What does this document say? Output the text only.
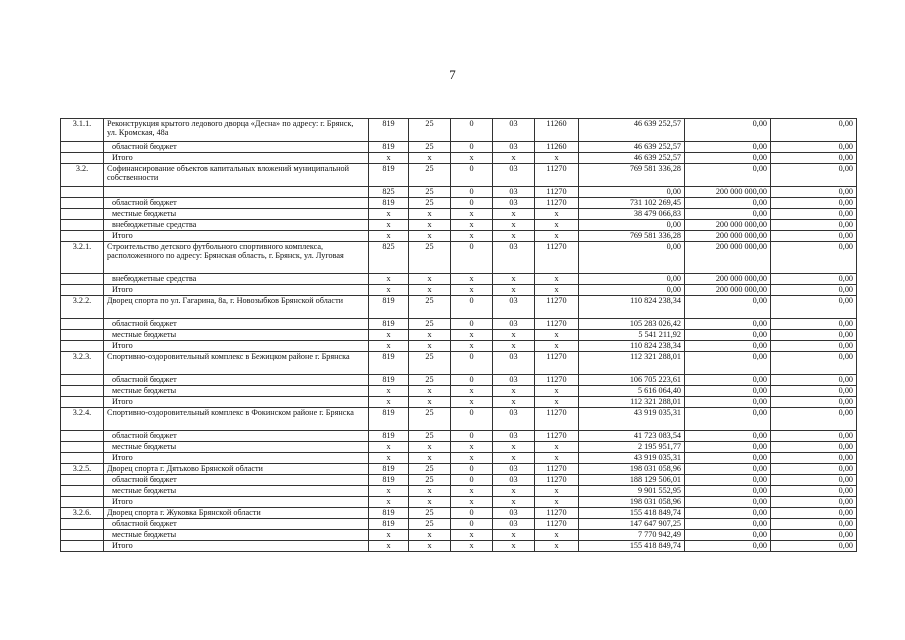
7
3.1.1.	Реконструкция крытого ледового дворца «Десна» по адресу: г. Брянск, ул. Кромская, 48а	819	25	0	03	11260	46 639 252,57	0,00	0,00
	областной бюджет	819	25	0	03	11260	46 639 252,57	0,00	0,00
	Итого	x	x	x	x	x	46 639 252,57	0,00	0,00
3.2.	Софинансирование объектов капитальных вложений муниципальной собственности	819	25	0	03	11270	769 581 336,28	0,00	0,00
		825	25	0	03	11270	0,00	200 000 000,00	0,00
	областной бюджет	819	25	0	03	11270	731 102 269,45	0,00	0,00
	местные бюджеты	x	x	x	x	x	38 479 066,83	0,00	0,00
	внебюджетные средства	x	x	x	x	x	0,00	200 000 000,00	0,00
	Итого	x	x	x	x	x	769 581 336,28	200 000 000,00	0,00
3.2.1.	Строительство детского футбольного спортивного комплекса, расположенного по адресу: Брянская область, г. Брянск, ул. Луговая	825	25	0	03	11270	0,00	200 000 000,00	0,00
	внебюджетные средства	x	x	x	x	x	0,00	200 000 000,00	0,00
	Итого	x	x	x	x	x	0,00	200 000 000,00	0,00
3.2.2.	Дворец спорта по ул. Гагарина, 8а, г. Новозыбков Брянской области	819	25	0	03	11270	110 824 238,34	0,00	0,00
	областной бюджет	819	25	0	03	11270	105 283 026,42	0,00	0,00
	местные бюджеты	x	x	x	x	x	5 541 211,92	0,00	0,00
	Итого	x	x	x	x	x	110 824 238,34	0,00	0,00
3.2.3.	Спортивно-оздоровительный комплекс в Бежицком районе г. Брянска	819	25	0	03	11270	112 321 288,01	0,00	0,00
	областной бюджет	819	25	0	03	11270	106 705 223,61	0,00	0,00
	местные бюджеты	x	x	x	x	x	5 616 064,40	0,00	0,00
	Итого	x	x	x	x	x	112 321 288,01	0,00	0,00
3.2.4.	Спортивно-оздоровительный комплекс в Фокинском районе г. Брянска	819	25	0	03	11270	43 919 035,31	0,00	0,00
	областной бюджет	819	25	0	03	11270	41 723 083,54	0,00	0,00
	местные бюджеты	x	x	x	x	x	2 195 951,77	0,00	0,00
	Итого	x	x	x	x	x	43 919 035,31	0,00	0,00
3.2.5.	Дворец спорта г. Дятьково Брянской области	819	25	0	03	11270	198 031 058,96	0,00	0,00
	областной бюджет	819	25	0	03	11270	188 129 506,01	0,00	0,00
	местные бюджеты	x	x	x	x	x	9 901 552,95	0,00	0,00
	Итого	x	x	x	x	x	198 031 058,96	0,00	0,00
3.2.6.	Дворец спорта г. Жуковка Брянской области	819	25	0	03	11270	155 418 849,74	0,00	0,00
	областной бюджет	819	25	0	03	11270	147 647 907,25	0,00	0,00
	местные бюджеты	x	x	x	x	x	7 770 942,49	0,00	0,00
	Итого	x	x	x	x	x	155 418 849,74	0,00	0,00
